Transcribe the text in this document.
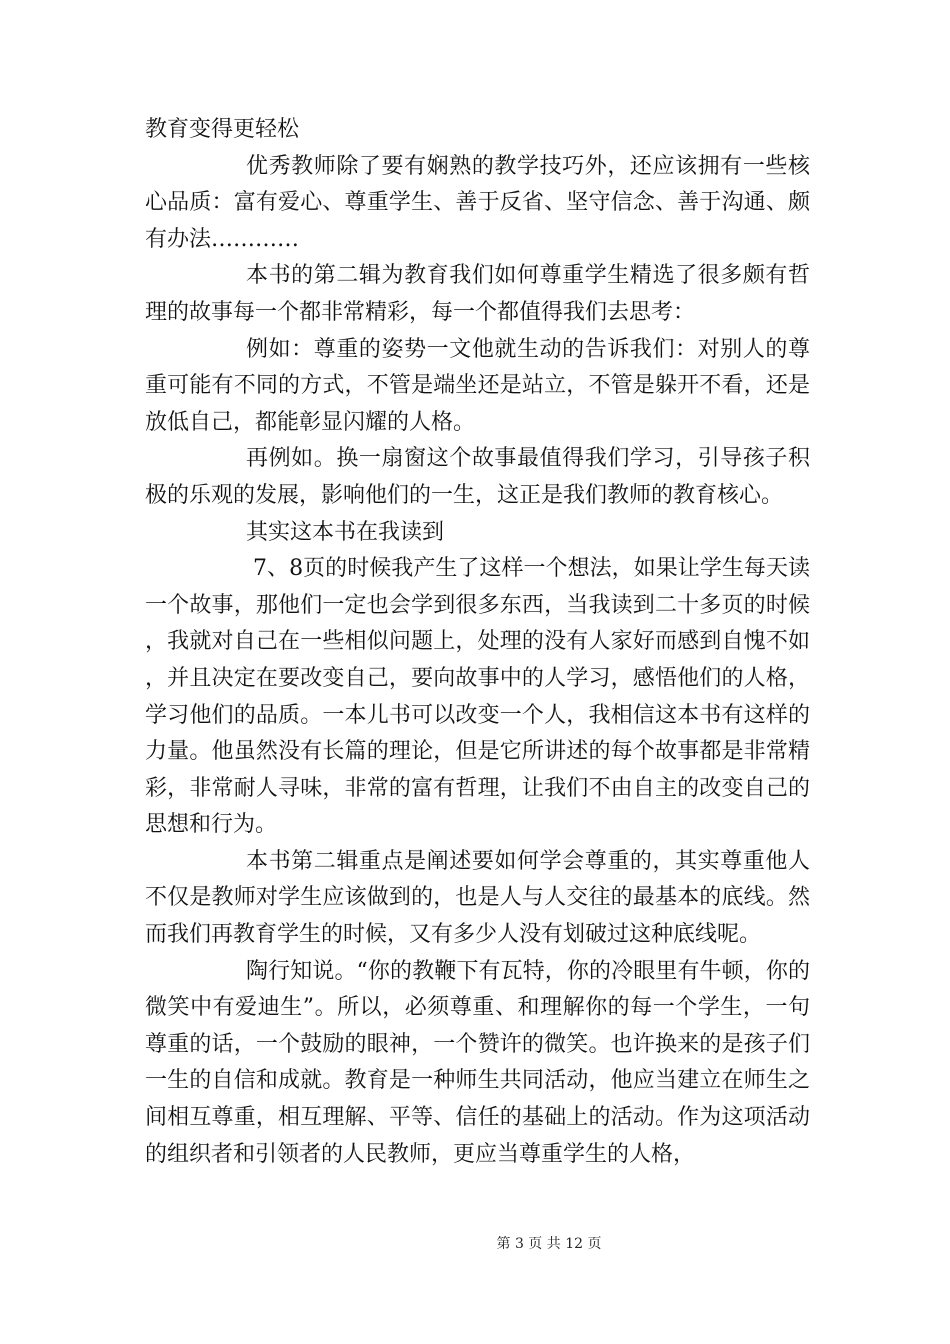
教育变得更轻松

优秀教师除了要有娴熟的教学技巧外，还应该拥有一些核心品质：富有爱心、尊重学生、善于反省、坚守信念、善于沟通、颇有办法…………

本书的第二辑为教育我们如何尊重学生精选了很多颇有哲理的故事每一个都非常精彩，每一个都值得我们去思考：

例如：尊重的姿势一文他就生动的告诉我们：对别人的尊重可能有不同的方式，不管是端坐还是站立，不管是躲开不看，还是放低自己，都能彰显闪耀的人格。

再例如。换一扇窗这个故事最值得我们学习，引导孩子积极的乐观的发展，影响他们的一生，这正是我们教师的教育核心。

其实这本书在我读到

7、8页的时候我产生了这样一个想法，如果让学生每天读一个故事，那他们一定也会学到很多东西，当我读到二十多页的时候，我就对自己在一些相似问题上，处理的没有人家好而感到自愧不如，并且决定在要改变自己，要向故事中的人学习，感悟他们的人格，学习他们的品质。一本儿书可以改变一个人，我相信这本书有这样的力量。他虽然没有长篇的理论，但是它所讲述的每个故事都是非常精彩，非常耐人寻味，非常的富有哲理，让我们不由自主的改变自己的思想和行为。

本书第二辑重点是阐述要如何学会尊重的，其实尊重他人不仅是教师对学生应该做到的，也是人与人交往的最基本的底线。然而我们再教育学生的时候，又有多少人没有划破过这种底线呢。

陶行知说。“你的教鞭下有瓦特，你的冷眼里有牛顿，你的微笑中有爱迪生”。所以，必须尊重、和理解你的每一个学生，一句尊重的话，一个鼓励的眼神，一个赞许的微笑。也许换来的是孩子们一生的自信和成就。教育是一种师生共同活动，他应当建立在师生之间相互尊重，相互理解、平等、信任的基础上的活动。作为这项活动的组织者和引领者的人民教师，更应当尊重学生的人格，

第 3 页 共 12 页
